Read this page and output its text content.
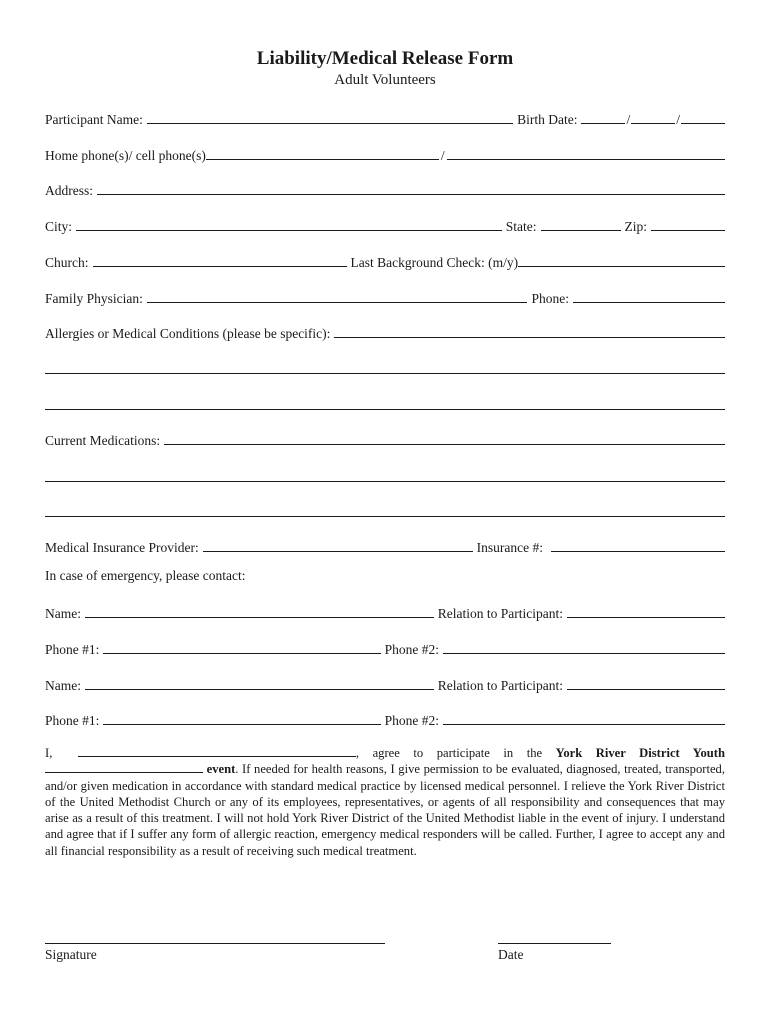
Liability/Medical Release Form
Adult Volunteers
Participant Name:	Birth Date:	/	/
Home phone(s)/ cell phone(s)	/
Address:
City:	State:	Zip:
Church:	Last Background Check: (m/y)
Family Physician:	Phone:
Allergies or Medical Conditions (please be specific):
Current Medications:
Medical Insurance Provider:	Insurance #:
In case of emergency, please contact:
Name:	Relation to Participant:
Phone #1:	Phone #2:
Name:	Relation to Participant:
Phone #1:	Phone #2:
I,	, agree to participate in the York River District Youth  event. If needed for health reasons, I give permission to be evaluated, diagnosed, treated, transported, and/or given medication in accordance with standard medical practice by licensed medical personnel. I relieve the York River District of the United Methodist Church or any of its employees, representatives, or agents of all responsibility and consequences that may arise as a result of this treatment. I will not hold York River District of the United Methodist liable in the event of injury. I understand and agree that if I suffer any form of allergic reaction, emergency medical responders will be called. Further, I agree to accept any and all financial responsibility as a result of receiving such medical treatment.
Signature	Date
